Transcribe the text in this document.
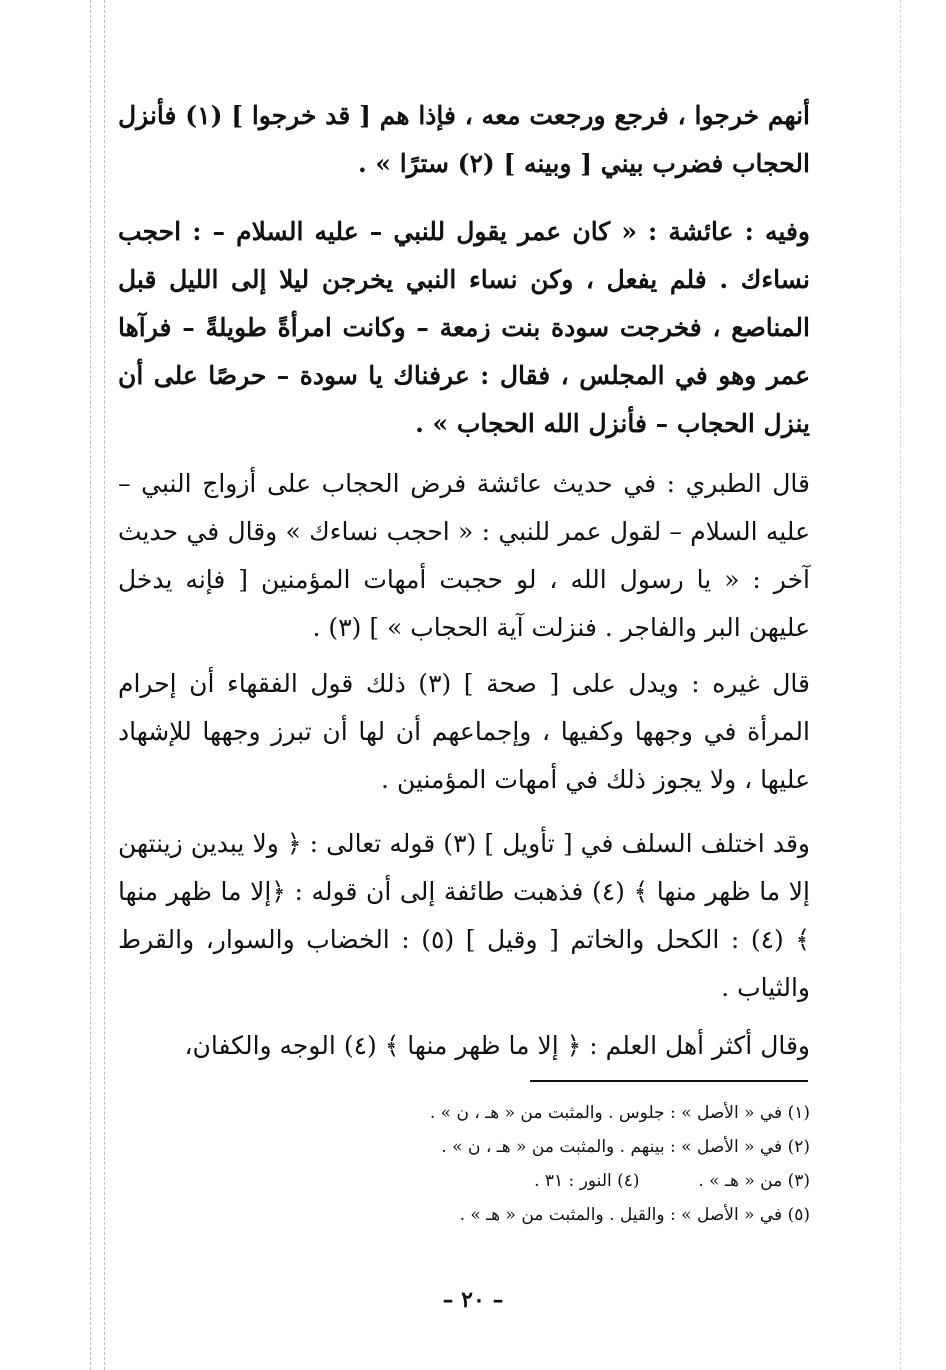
أنهم خرجوا ، فرجع ورجعت معه ، فإذا هم [ قد خرجوا ] (١) فأنزل الحجاب فضرب بيني [ وبينه ] (٢) سترًا » .
وفيه : عائشة : « كان عمر يقول للنبي – عليه السلام – : احجب نساءك . فلم يفعل ، وكن نساء النبي يخرجن ليلا إلى الليل قبل المناصع ، فخرجت سودة بنت زمعة – وكانت امرأةً طويلةً – فرآها عمر وهو في المجلس ، فقال : عرفناك يا سودة – حرصًا على أن ينزل الحجاب – فأنزل الله الحجاب » .
قال الطبري : في حديث عائشة فرض الحجاب على أزواج النبي – عليه السلام – لقول عمر للنبي : « احجب نساءك » وقال في حديث آخر : « يا رسول الله ، لو حجبت أمهات المؤمنين [ فإنه يدخل عليهن البر والفاجر . فنزلت آية الحجاب » ] (٣) .
قال غيره : ويدل على [ صحة ] (٣) ذلك قول الفقهاء أن إحرام المرأة في وجهها وكفيها ، وإجماعهم أن لها أن تبرز وجهها للإشهاد عليها ، ولا يجوز ذلك في أمهات المؤمنين .
وقد اختلف السلف في [ تأويل ] (٣) قوله تعالى : ﴿ ولا يبدين زينتهن إلا ما ظهر منها ﴾ (٤) فذهبت طائفة إلى أن قوله : ﴿إلا ما ظهر منها ﴾ (٤) : الكحل والخاتم [ وقيل ] (٥) : الخضاب والسوار، والقرط والثياب .
وقال أكثر أهل العلم : ﴿ إلا ما ظهر منها ﴾ (٤) الوجه والكفان،
(١) في « الأصل » : جلوس . والمثبت من « هـ ، ن » .
(٢) في « الأصل » : بينهم . والمثبت من « هـ ، ن » .
(٣) من « هـ » .  (٤) النور : ٣١ .
(٥) في « الأصل » : والقيل . والمثبت من « هـ » .
– ٢٠ –
